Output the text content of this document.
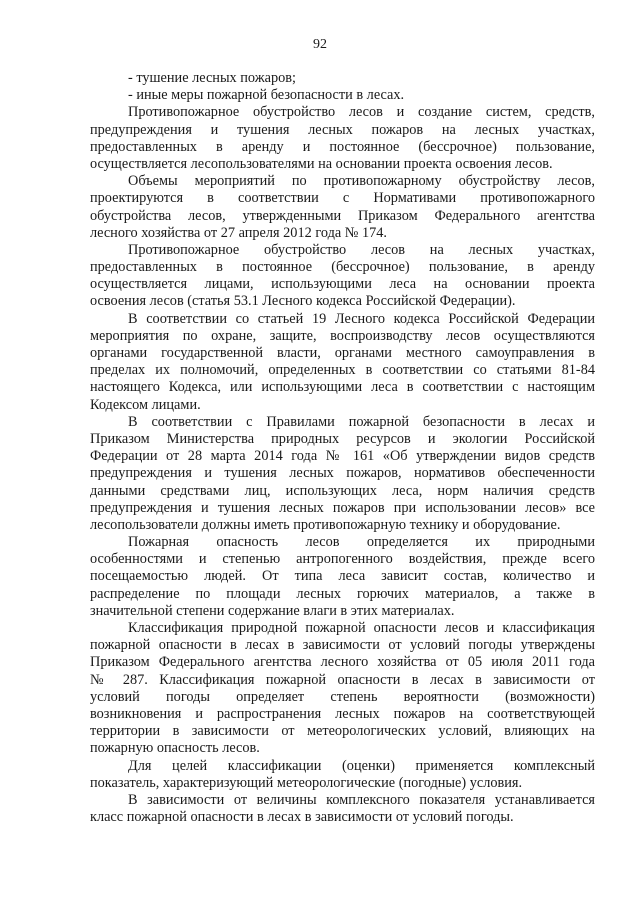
92
- тушение лесных пожаров;
- иные меры пожарной безопасности в лесах.
Противопожарное обустройство лесов и создание систем, средств,
предупреждения и тушения лесных пожаров на лесных участках,
предоставленных в аренду и постоянное (бессрочное) пользование,
осуществляется лесопользователями на основании проекта освоения лесов.
Объемы мероприятий по противопожарному обустройству лесов,
проектируются в соответствии с Нормативами противопожарного
обустройства лесов, утвержденными Приказом Федерального агентства
лесного хозяйства от 27 апреля 2012 года № 174.
Противопожарное обустройство лесов на лесных участках,
предоставленных в постоянное (бессрочное) пользование, в аренду
осуществляется лицами, использующими леса на основании проекта
освоения лесов (статья 53.1 Лесного кодекса Российской Федерации).
В соответствии со статьей 19 Лесного кодекса Российской Федерации
мероприятия по охране, защите, воспроизводству лесов осуществляются
органами государственной власти, органами местного самоуправления в
пределах их полномочий, определенных в соответствии со статьями 81-84
настоящего Кодекса, или использующими леса в соответствии с настоящим
Кодексом лицами.
В соответствии с Правилами пожарной безопасности в лесах и
Приказом Министерства природных ресурсов и экологии Российской
Федерации от 28 марта 2014 года № 161 «Об утверждении видов средств
предупреждения и тушения лесных пожаров, нормативов обеспеченности
данными средствами лиц, использующих леса, норм наличия средств
предупреждения и тушения лесных пожаров при использовании лесов» все
лесопользователи должны иметь противопожарную технику и оборудование.
Пожарная опасность лесов определяется их природными
особенностями и степенью антропогенного воздействия, прежде всего
посещаемостью людей. От типа леса зависит состав, количество и
распределение по площади лесных горючих материалов, а также в
значительной степени содержание влаги в этих материалах.
Классификация природной пожарной опасности лесов и классификация
пожарной опасности в лесах в зависимости от условий погоды утверждены
Приказом Федерального агентства лесного хозяйства от 05 июля 2011 года
№ 287. Классификация пожарной опасности в лесах в зависимости от
условий погоды определяет степень вероятности (возможности)
возникновения и распространения лесных пожаров на соответствующей
территории в зависимости от метеорологических условий, влияющих на
пожарную опасность лесов.
Для целей классификации (оценки) применяется комплексный
показатель, характеризующий метеорологические (погодные) условия.
В зависимости от величины комплексного показателя устанавливается
класс пожарной опасности в лесах в зависимости от условий погоды.
